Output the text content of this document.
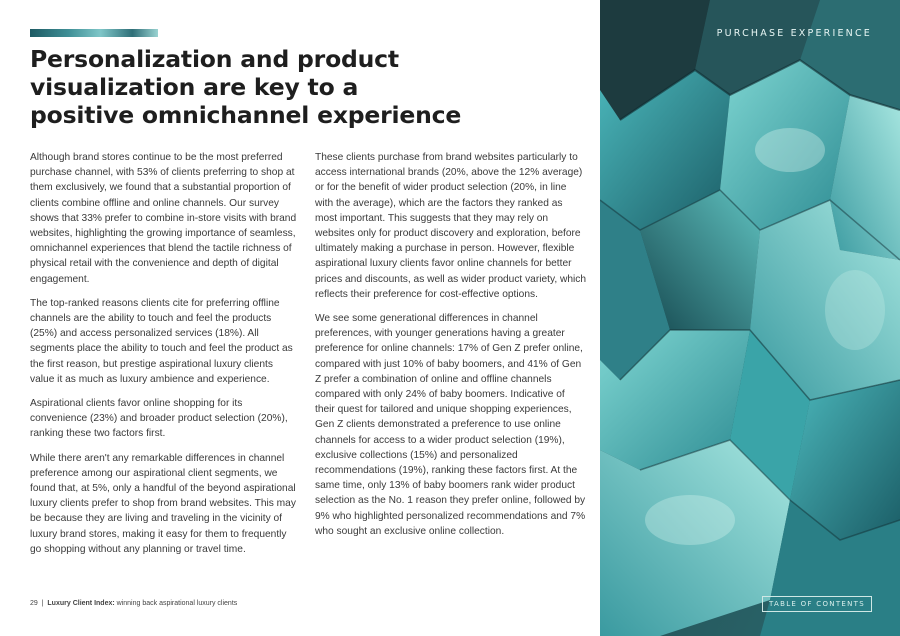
Personalization and product visualization are key to a positive omnichannel experience

Although brand stores continue to be the most preferred purchase channel, with 53% of clients preferring to shop at them exclusively, we found that a substantial proportion of clients combine offline and online channels. Our survey shows that 33% prefer to combine in-store visits with brand websites, highlighting the growing importance of seamless, omnichannel experiences that blend the tactile richness of physical retail with the convenience and depth of digital engagement.

The top-ranked reasons clients cite for preferring offline channels are the ability to touch and feel the products (25%) and access personalized services (18%). All segments place the ability to touch and feel the product as the first reason, but prestige aspirational luxury clients value it as much as luxury ambience and experience.

Aspirational clients favor online shopping for its convenience (23%) and broader product selection (20%), ranking these two factors first.

While there aren't any remarkable differences in channel preference among our aspirational client segments, we found that, at 5%, only a handful of the beyond aspirational luxury clients prefer to shop from brand websites. This may be because they are living and traveling in the vicinity of luxury brand stores, making it easy for them to frequently go shopping without any planning or travel time.

These clients purchase from brand websites particularly to access international brands (20%, above the 12% average) or for the benefit of wider product selection (20%, in line with the average), which are the factors they ranked as most important. This suggests that they may rely on websites only for product discovery and exploration, before ultimately making a purchase in person. However, flexible aspirational luxury clients favor online channels for better prices and discounts, as well as wider product variety, which reflects their preference for cost-effective options.

We see some generational differences in channel preferences, with younger generations having a greater preference for online channels: 17% of Gen Z prefer online, compared with just 10% of baby boomers, and 41% of Gen Z prefer a combination of online and offline channels compared with only 24% of baby boomers. Indicative of their quest for tailored and unique shopping experiences, Gen Z clients demonstrated a preference to use online channels for access to a wider product selection (19%), exclusive collections (15%) and personalized recommendations (19%), ranking these factors first. At the same time, only 13% of baby boomers rank wider product selection as the No. 1 reason they prefer online, followed by 9% who highlighted personalized recommendations and 7% who sought an exclusive online collection.

29 | Luxury Client Index: winning back aspirational luxury clients
PURCHASE EXPERIENCE
TABLE OF CONTENTS
